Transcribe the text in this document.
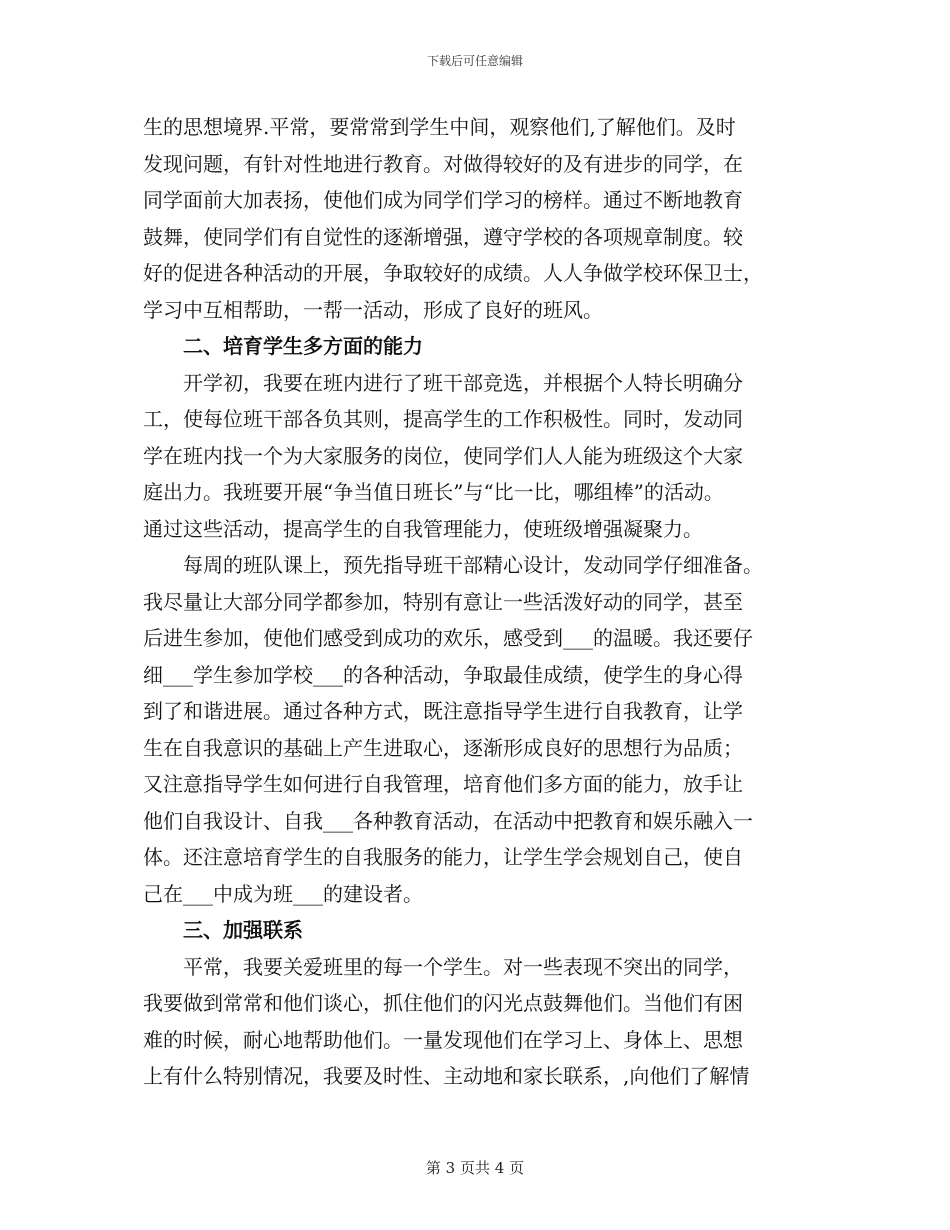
下载后可任意编辑
生的思想境界.平常，要常常到学生中间，观察他们,了解他们。及时
发现问题，有针对性地进行教育。对做得较好的及有进步的同学，在
同学面前大加表扬，使他们成为同学们学习的榜样。通过不断地教育
鼓舞，使同学们有自觉性的逐渐增强，遵守学校的各项规章制度。较
好的促进各种活动的开展，争取较好的成绩。人人争做学校环保卫士，
学习中互相帮助，一帮一活动，形成了良好的班风。
二、培育学生多方面的能力
开学初，我要在班内进行了班干部竞选，并根据个人特长明确分
工，使每位班干部各负其则，提高学生的工作积极性。同时，发动同
学在班内找一个为大家服务的岗位，使同学们人人能为班级这个大家
庭出力。我班要开展“争当值日班长”与“比一比，哪组棒”的活动。
通过这些活动，提高学生的自我管理能力，使班级增强凝聚力。
每周的班队课上，预先指导班干部精心设计，发动同学仔细准备。
我尽量让大部分同学都参加，特别有意让一些活泼好动的同学，甚至
后进生参加，使他们感受到成功的欢乐，感受到___的温暖。我还要仔
细___学生参加学校___的各种活动，争取最佳成绩，使学生的身心得
到了和谐进展。通过各种方式，既注意指导学生进行自我教育，让学
生在自我意识的基础上产生进取心，逐渐形成良好的思想行为品质；
又注意指导学生如何进行自我管理，培育他们多方面的能力，放手让
他们自我设计、自我___各种教育活动，在活动中把教育和娱乐融入一
体。还注意培育学生的自我服务的能力，让学生学会规划自己，使自
己在___中成为班___的建设者。
三、加强联系
平常，我要关爱班里的每一个学生。对一些表现不突出的同学，
我要做到常常和他们谈心，抓住他们的闪光点鼓舞他们。当他们有困
难的时候，耐心地帮助他们。一量发现他们在学习上、身体上、思想
上有什么特别情况，我要及时性、主动地和家长联系，,向他们了解情
第 3 页共 4 页
